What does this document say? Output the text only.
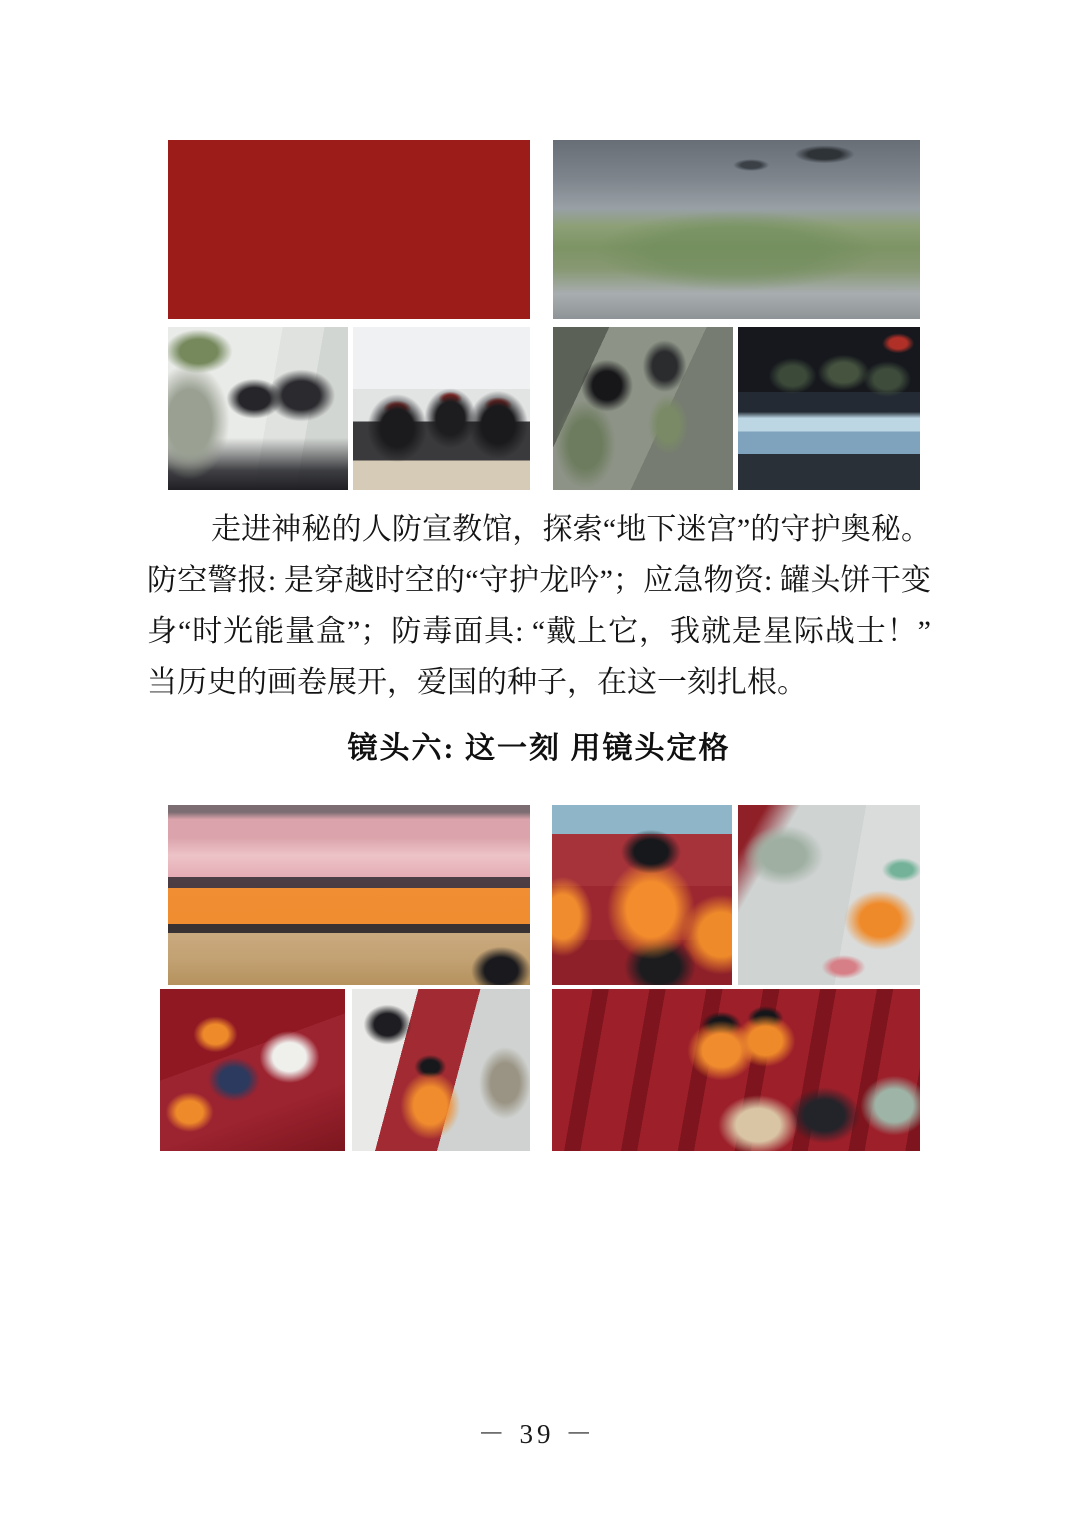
走进神秘的人防宣教馆，探索“地下迷宫”的守护奥秘。防空警报: 是穿越时空的“守护龙吟”；应急物资: 罐头饼干变身“时光能量盒”；防毒面具: “戴上它，我就是星际战士！”当历史的画卷展开，爱国的种子，在这一刻扎根。

镜头六: 这一刻 用镜头定格
－ 39 －
